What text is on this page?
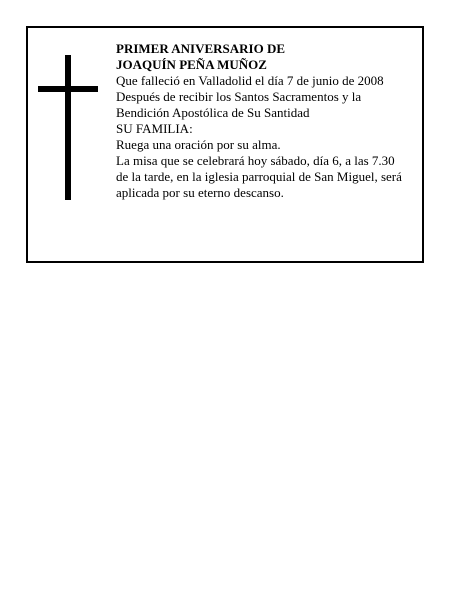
PRIMER ANIVERSARIO DE
JOAQUÍN PEÑA MUÑOZ
Que falleció en Valladolid el día 7 de junio de 2008
Después de recibir los Santos Sacramentos y la
Bendición Apostólica de Su Santidad
SU FAMILIA:
Ruega una oración por su alma.
La misa que se celebrará hoy sábado, día 6, a las 7.30
de la tarde, en la iglesia parroquial de San Miguel, será
aplicada por su eterno descanso.
